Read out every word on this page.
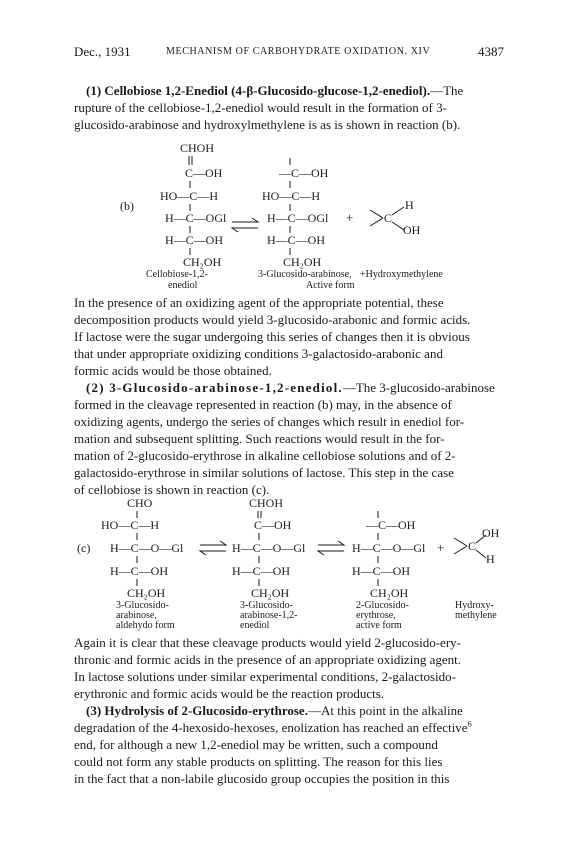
Dec., 1931	MECHANISM OF CARBOHYDRATE OXIDATION. XIV	4387

(1) Cellobiose 1,2-Enediol (4-β-Glucosido-glucose-1,2-enediol).—The
rupture of the cellobiose-1,2-enediol would result in the formation of 3-
glucosido-arabinose and hydroxylmethylene is as is shown in reaction (b).

(b)
CHOH
C—OH
HO—C—H
H—C—OGl
H—C—OH
CH₂OH
Cellobiose-1,2-
enediol
—C—OH
HO—C—H
H—C—OGl
H—C—OH
CH₂OH
3-Glucosido-arabinose,
Active form
+	C
H
OH
+Hydroxymethylene

In the presence of an oxidizing agent of the appropriate potential, these
decomposition products would yield 3-glucosido-arabonic and formic acids.
If lactose were the sugar undergoing this series of changes then it is obvious
that under appropriate oxidizing conditions 3-galactosido-arabonic and
formic acids would be those obtained.

(2) 3-Glucosido-arabinose-1,2-enediol.—The 3-glucosido-arabinose
formed in the cleavage represented in reaction (b) may, in the absence of
oxidizing agents, undergo the series of changes which result in enediol for-
mation and subsequent splitting. Such reactions would result in the for-
mation of 2-glucosido-erythrose in alkaline cellobiose solutions and of 2-
galactosido-erythrose in similar solutions of lactose. This step in the case
of cellobiose is shown in reaction (c).

(c)
CHO
HO—C—H
H—C—O—Gl
H—C—OH
CH₂OH
3-Glucosido-
arabinose,
aldehydo form
CHOH
C—OH
H—C—O—Gl
H—C—OH
CH₂OH
3-Glucosido-
arabinose-1,2-
enediol
—C—OH
H—C—O—Gl
H—C—OH
CH₂OH
2-Glucosido-
erythrose,
active form
+ C
OH
H
Hydroxy-
methylene

Again it is clear that these cleavage products would yield 2-glucosido-ery-
thronic and formic acids in the presence of an appropriate oxidizing agent.
In lactose solutions under similar experimental conditions, 2-galactosido-
erythronic and formic acids would be the reaction products.

(3) Hydrolysis of 2-Glucosido-erythrose.—At this point in the alkaline
degradation of the 4-hexosido-hexoses, enolization has reached an effective$^6$
end, for although a new 1,2-enediol may be written, such a compound
could not form any stable products on splitting. The reason for this lies
in the fact that a non-labile glucosido group occupies the position in this
